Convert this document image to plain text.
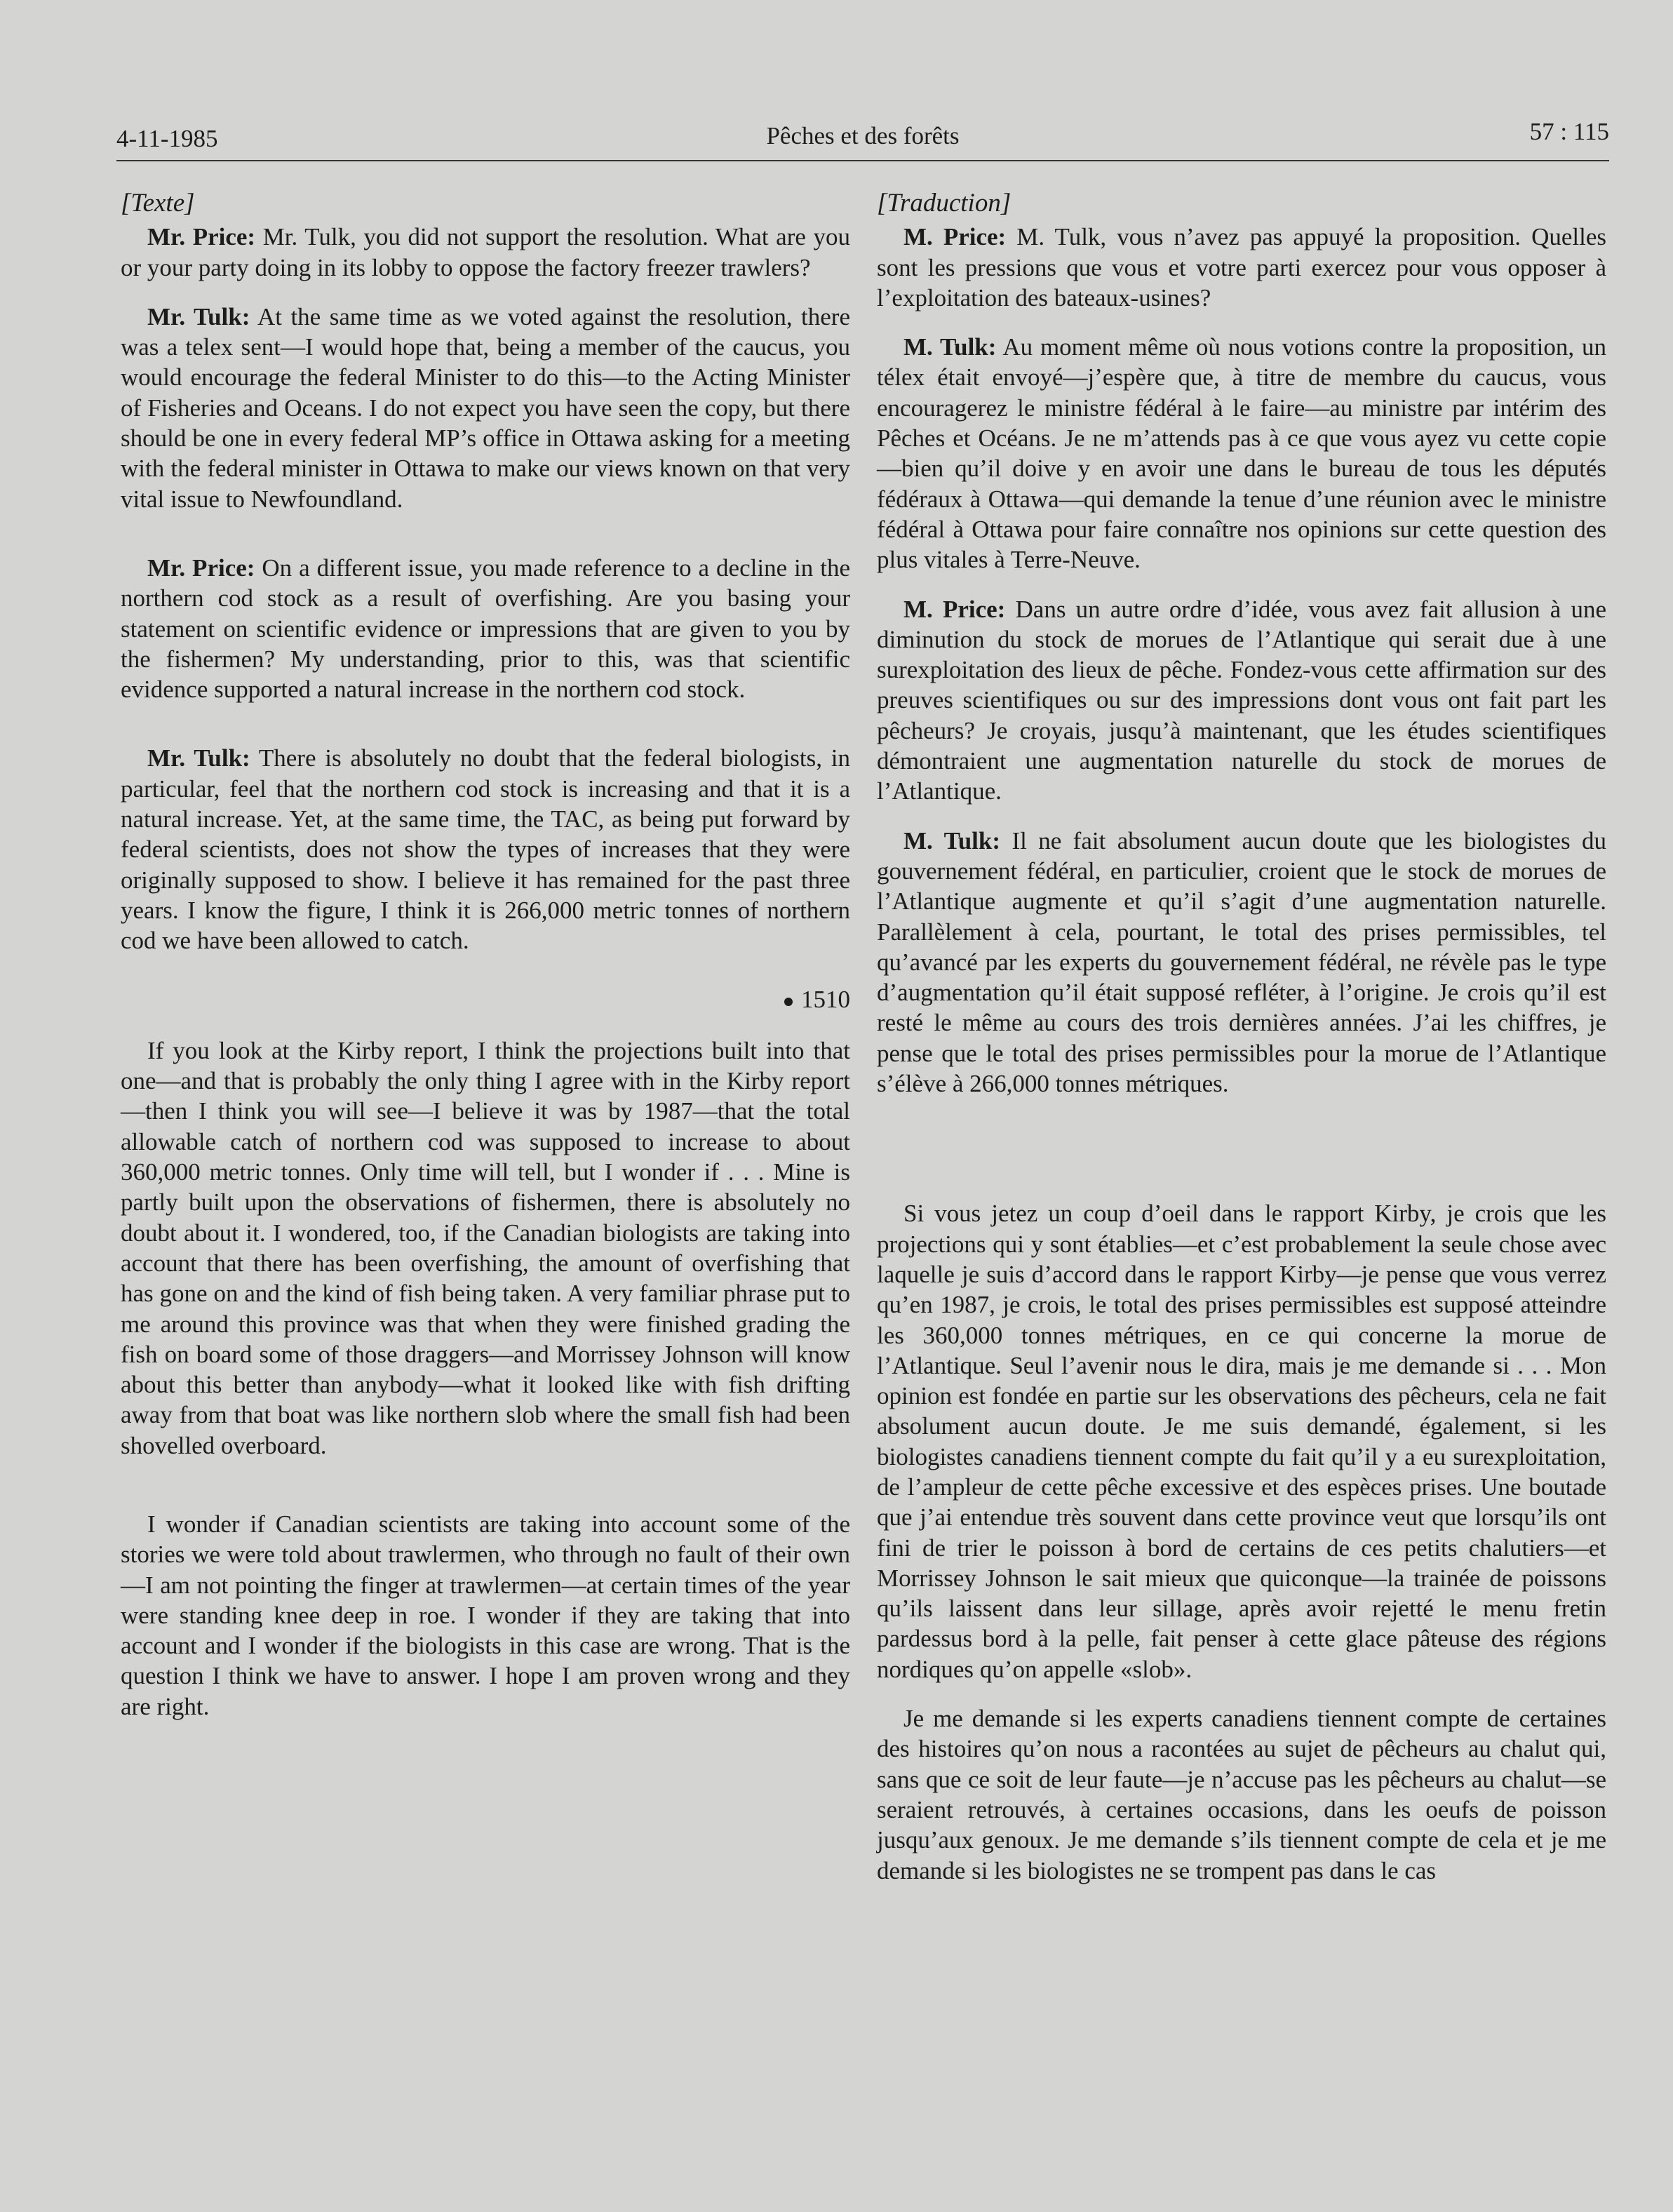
4-11-1985	Pêches et des forêts	57 : 115
[Texte]

Mr. Price: Mr. Tulk, you did not support the resolution. What are you or your party doing in its lobby to oppose the factory freezer trawlers?

Mr. Tulk: At the same time as we voted against the resolution, there was a telex sent—I would hope that, being a member of the caucus, you would encourage the federal Minister to do this—to the Acting Minister of Fisheries and Oceans. I do not expect you have seen the copy, but there should be one in every federal MP’s office in Ottawa asking for a meeting with the federal minister in Ottawa to make our views known on that very vital issue to Newfoundland.

Mr. Price: On a different issue, you made reference to a decline in the northern cod stock as a result of overfishing. Are you basing your statement on scientific evidence or impressions that are given to you by the fishermen? My understanding, prior to this, was that scientific evidence supported a natural increase in the northern cod stock.

Mr. Tulk: There is absolutely no doubt that the federal biologists, in particular, feel that the northern cod stock is increasing and that it is a natural increase. Yet, at the same time, the TAC, as being put forward by federal scientists, does not show the types of increases that they were originally supposed to show. I believe it has remained for the past three years. I know the figure, I think it is 266,000 metric tonnes of northern cod we have been allowed to catch.

1510

If you look at the Kirby report, I think the projections built into that one—and that is probably the only thing I agree with in the Kirby report—then I think you will see—I believe it was by 1987—that the total allowable catch of northern cod was supposed to increase to about 360,000 metric tonnes. Only time will tell, but I wonder if . . . Mine is partly built upon the observations of fishermen, there is absolutely no doubt about it. I wondered, too, if the Canadian biologists are taking into account that there has been overfishing, the amount of overfishing that has gone on and the kind of fish being taken. A very familiar phrase put to me around this province was that when they were finished grading the fish on board some of those draggers—and Morrissey Johnson will know about this better than anybody—what it looked like with fish drifting away from that boat was like northern slob where the small fish had been shovelled overboard.

I wonder if Canadian scientists are taking into account some of the stories we were told about trawlermen, who through no fault of their own—I am not pointing the finger at trawlermen—at certain times of the year were standing knee deep in roe. I wonder if they are taking that into account and I wonder if the biologists in this case are wrong. That is the question I think we have to answer. I hope I am proven wrong and they are right.

[Traduction]

M. Price: M. Tulk, vous n’avez pas appuyé la proposition. Quelles sont les pressions que vous et votre parti exercez pour vous opposer à l’exploitation des bateaux-usines?

M. Tulk: Au moment même où nous votions contre la proposition, un télex était envoyé—j’espère que, à titre de membre du caucus, vous encouragerez le ministre fédéral à le faire—au ministre par intérim des Pêches et Océans. Je ne m’attends pas à ce que vous ayez vu cette copie—bien qu’il doive y en avoir une dans le bureau de tous les députés fédéraux à Ottawa—qui demande la tenue d’une réunion avec le ministre fédéral à Ottawa pour faire connaître nos opinions sur cette question des plus vitales à Terre-Neuve.

M. Price: Dans un autre ordre d’idée, vous avez fait allusion à une diminution du stock de morues de l’Atlantique qui serait due à une surexploitation des lieux de pêche. Fondez-vous cette affirmation sur des preuves scientifiques ou sur des impressions dont vous ont fait part les pêcheurs? Je croyais, jusqu’à maintenant, que les études scientifiques démontraient une augmentation naturelle du stock de morues de l’Atlantique.

M. Tulk: Il ne fait absolument aucun doute que les biologistes du gouvernement fédéral, en particulier, croient que le stock de morues de l’Atlantique augmente et qu’il s’agit d’une augmentation naturelle. Parallèlement à cela, pourtant, le total des prises permissibles, tel qu’avancé par les experts du gouvernement fédéral, ne révèle pas le type d’augmentation qu’il était supposé refléter, à l’origine. Je crois qu’il est resté le même au cours des trois dernières années. J’ai les chiffres, je pense que le total des prises permissibles pour la morue de l’Atlantique s’élève à 266,000 tonnes métriques.

Si vous jetez un coup d’oeil dans le rapport Kirby, je crois que les projections qui y sont établies—et c’est probablement la seule chose avec laquelle je suis d’accord dans le rapport Kirby—je pense que vous verrez qu’en 1987, je crois, le total des prises permissibles est supposé atteindre les 360,000 tonnes métriques, en ce qui concerne la morue de l’Atlantique. Seul l’avenir nous le dira, mais je me demande si . . . Mon opinion est fondée en partie sur les observations des pêcheurs, cela ne fait absolument aucun doute. Je me suis demandé, également, si les biologistes canadiens tiennent compte du fait qu’il y a eu surexploitation, de l’ampleur de cette pêche excessive et des espèces prises. Une boutade que j’ai entendue très souvent dans cette province veut que lorsqu’ils ont fini de trier le poisson à bord de certains de ces petits chalutiers—et Morrissey Johnson le sait mieux que quiconque—la trainée de poissons qu’ils laissent dans leur sillage, après avoir rejetté le menu fretin pardessus bord à la pelle, fait penser à cette glace pâteuse des régions nordiques qu’on appelle «slob».

Je me demande si les experts canadiens tiennent compte de certaines des histoires qu’on nous a racontées au sujet de pêcheurs au chalut qui, sans que ce soit de leur faute—je n’accuse pas les pêcheurs au chalut—se seraient retrouvés, à certaines occasions, dans les oeufs de poisson jusqu’aux genoux. Je me demande s’ils tiennent compte de cela et je me demande si les biologistes ne se trompent pas dans le cas
